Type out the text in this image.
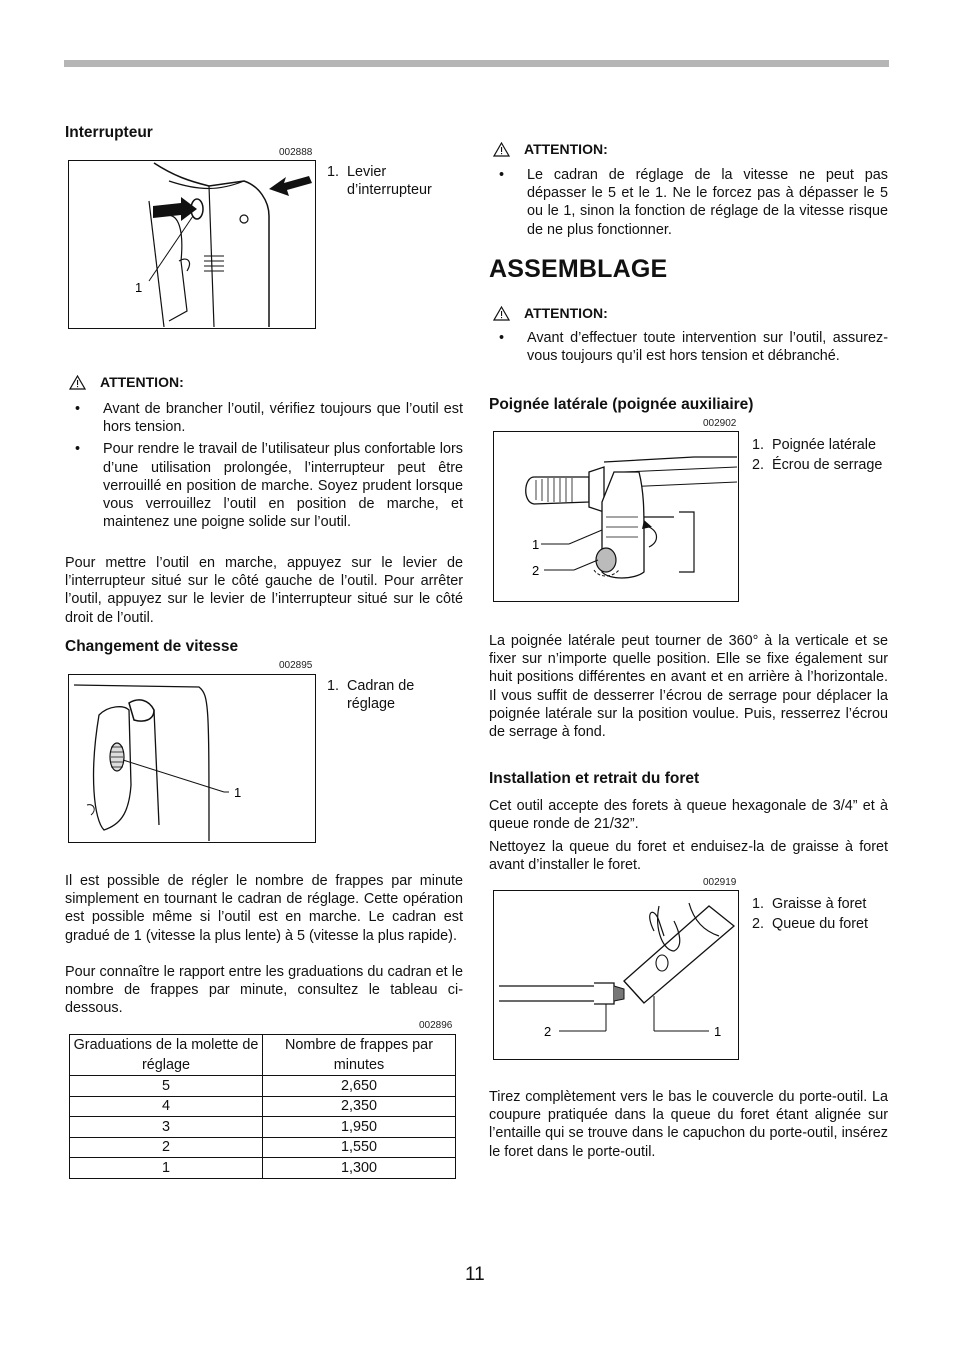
Interrupteur
002888
1
1. Levier d’interrupteur
ATTENTION:
•	Avant de brancher l’outil, vérifiez toujours que l’outil est hors tension.
•	Pour rendre le travail de l’utilisateur plus confortable lors d’une utilisation prolongée, l’interrupteur peut être verrouillé en position de marche. Soyez prudent lorsque vous verrouillez l’outil en position de marche, et maintenez une poigne solide sur l’outil.
Pour mettre l’outil en marche, appuyez sur le levier de l’interrupteur situé sur le côté gauche de l’outil. Pour arrêter l’outil, appuyez sur le levier de l’interrupteur situé sur le côté droit de l’outil.
Changement de vitesse
002895
1
1. Cadran de réglage
Il est possible de régler le nombre de frappes par minute simplement en tournant le cadran de réglage. Cette opération est possible même si l’outil est en marche. Le cadran est gradué de 1 (vitesse la plus lente) à 5 (vitesse la plus rapide).
Pour connaître le rapport entre les graduations du cadran et le nombre de frappes par minute, consultez le tableau ci-dessous.
002896
Graduations de la molette de réglage	Nombre de frappes par minutes
5	2,650
4	2,350
3	1,950
2	1,550
1	1,300
ATTENTION:
•	Le cadran de réglage de la vitesse ne peut pas dépasser le 5 et le 1. Ne le forcez pas à dépasser le 5 ou le 1, sinon la fonction de réglage de la vitesse risque de ne plus fonctionner.
ASSEMBLAGE
ATTENTION:
•	Avant d’effectuer toute intervention sur l’outil, assurez-vous toujours qu’il est hors tension et débranché.
Poignée latérale (poignée auxiliaire)
002902
1
2
1. Poignée latérale
2. Écrou de serrage
La poignée latérale peut tourner de 360° à la verticale et se fixer sur n’importe quelle position. Elle se fixe également sur huit positions différentes en avant et en arrière à l’horizontale. Il vous suffit de desserrer l’écrou de serrage pour déplacer la poignée latérale sur la position voulue. Puis, resserrez l’écrou de serrage à fond.
Installation et retrait du foret
Cet outil accepte des forets à queue hexagonale de 3/4” et à queue ronde de 21/32”.
Nettoyez la queue du foret et enduisez-la de graisse à foret avant d’installer le foret.
002919
2	1
1. Graisse à foret
2. Queue du foret
Tirez complètement vers le bas le couvercle du porte-outil. La coupure pratiquée dans la queue du foret étant alignée sur l’entaille qui se trouve dans le capuchon du porte-outil, insérez le foret dans le porte-outil.
11
